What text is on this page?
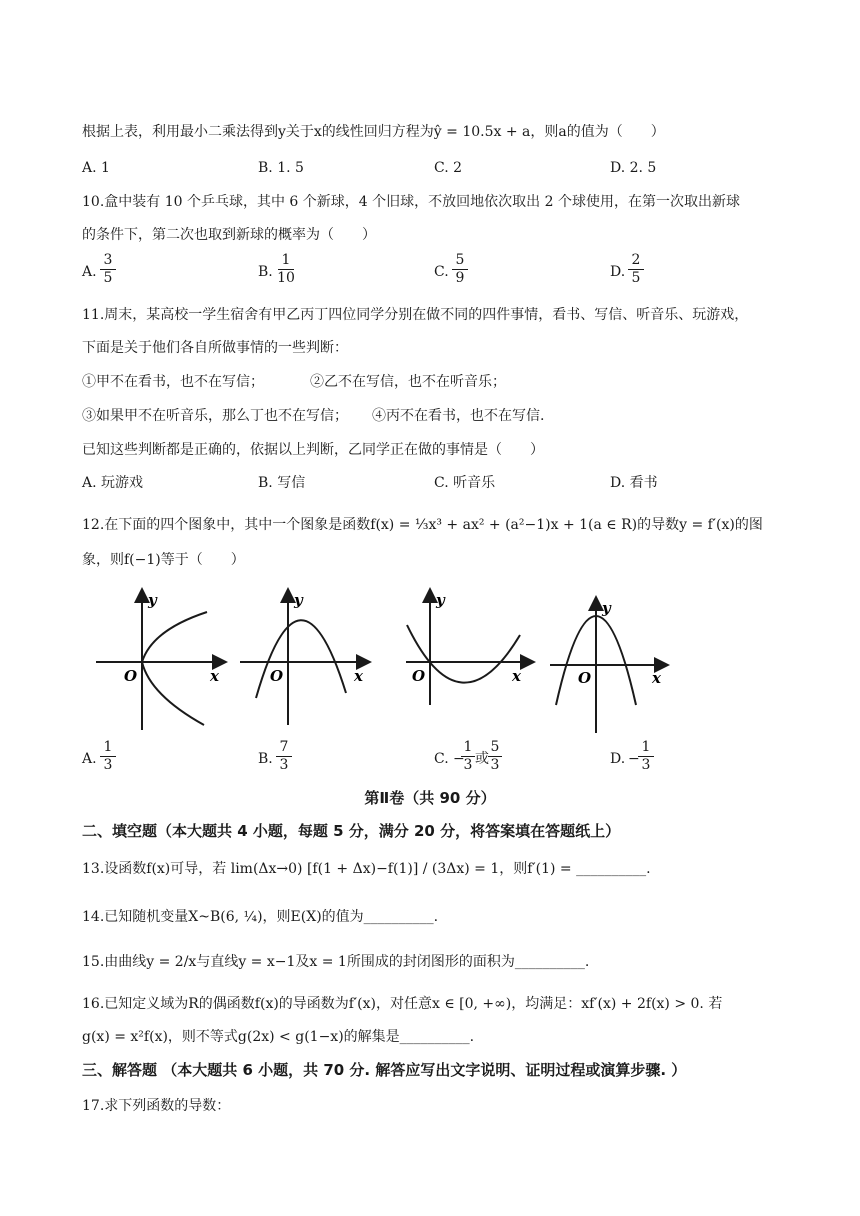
根据上表，利用最小二乘法得到y关于x的线性回归方程为ŷ = 10.5x + a，则a的值为（　　）
A. 1	B. 1. 5	C. 2	D. 2. 5
10.盒中装有 10 个乒乓球，其中 6 个新球，4 个旧球，不放回地依次取出 2 个球使用，在第一次取出新球
的条件下，第二次也取到新球的概率为（　　）
A.
3
5	B.
1
10	C.
5
9	D.
2
5
11.周末，某高校一学生宿舍有甲乙丙丁四位同学分别在做不同的四件事情，看书、写信、听音乐、玩游戏，
下面是关于他们各自所做事情的一些判断：
①甲不在看书，也不在写信；	②乙不在写信，也不在听音乐；
③如果甲不在听音乐，那么丁也不在写信； ④丙不在看书，也不在写信.
已知这些判断都是正确的，依据以上判断，乙同学正在做的事情是（　　）
A. 玩游戏	B. 写信	C. 听音乐	D. 看书
12.在下面的四个图象中，其中一个图象是函数f(x) = ⅓x³ + ax² + (a²−1)x + 1(a ∈ R)的导数y = f′(x)的图
象，则f(−1)等于（　　）
y
O	x
y
O	x
y
O	x
y
O	x
A.
1
3	B.
7
3	C. −
1
3 或
5
3	D. −
1
3
第Ⅱ卷（共 90 分）
二、填空题（本大题共 4 小题，每题 5 分，满分 20 分，将答案填在答题纸上）
13.设函数f(x)可导，若 lim(Δx→0) [f(1 + Δx)−f(1)] / (3Δx) = 1，则f′(1) = __________.
14.已知随机变量X~B(6, ¼)，则E(X)的值为__________.
15.由曲线y = 2/x与直线y = x−1及x = 1所围成的封闭图形的面积为__________.
16.已知定义域为R的偶函数f(x)的导函数为f′(x)，对任意x ∈ [0, +∞)，均满足：xf′(x) + 2f(x) > 0. 若
g(x) = x²f(x)，则不等式g(2x) < g(1−x)的解集是__________.
三、解答题 （本大题共 6 小题，共 70 分. 解答应写出文字说明、证明过程或演算步骤. ）
17.求下列函数的导数：
